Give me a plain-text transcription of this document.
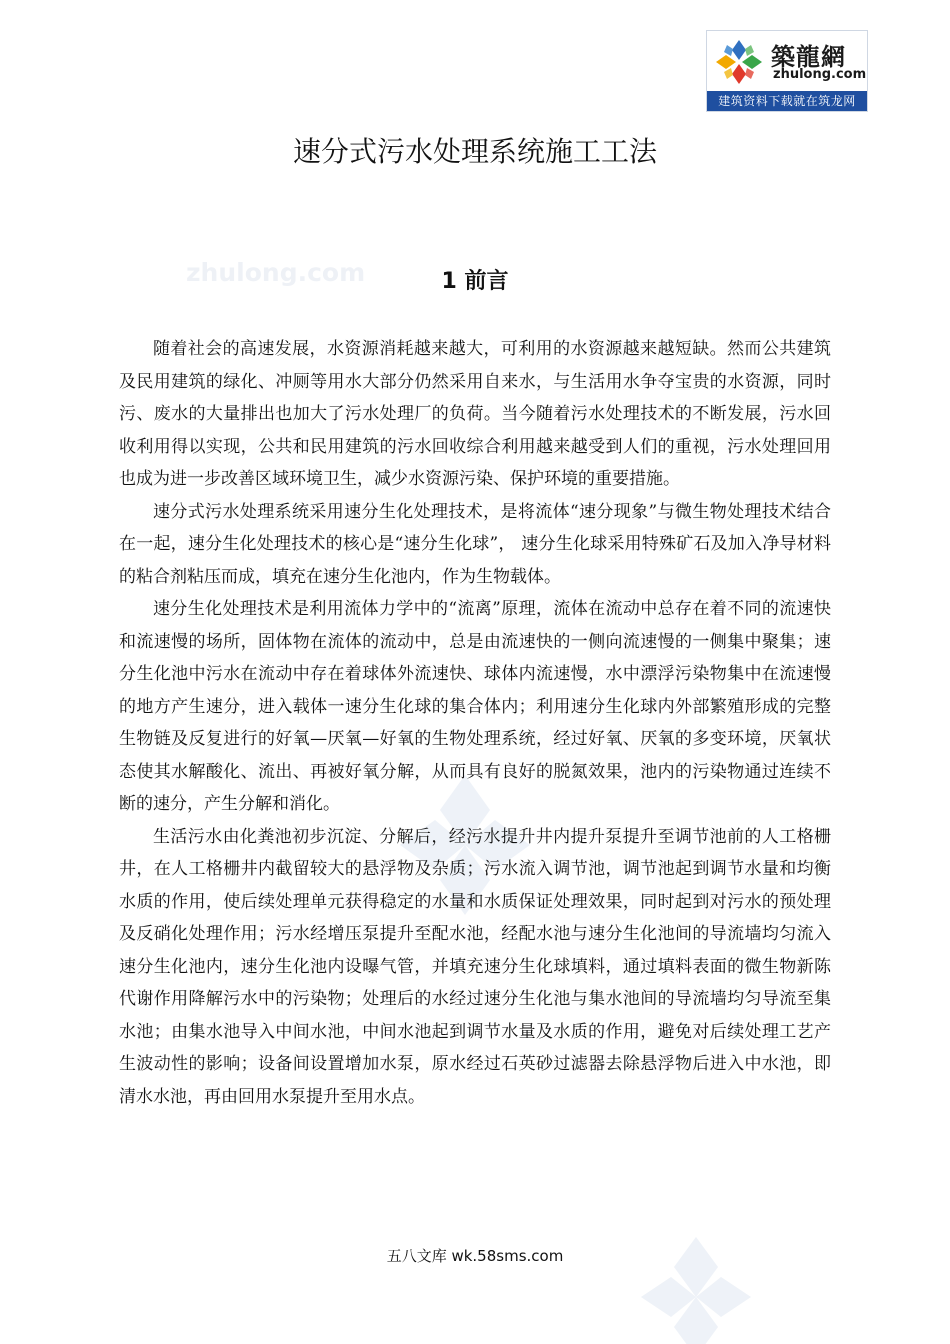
築龍網
zhulong.com
建筑资料下载就在筑龙网
速分式污水处理系统施工工法
zhulong.com	1 前言

随着社会的高速发展，水资源消耗越来越大，可利用的水资源越来越短缺。然而公共建筑及民用建筑的绿化、冲厕等用水大部分仍然采用自来水，与生活用水争夺宝贵的水资源，同时污、废水的大量排出也加大了污水处理厂的负荷。当今随着污水处理技术的不断发展，污水回收利用得以实现，公共和民用建筑的污水回收综合利用越来越受到人们的重视，污水处理回用也成为进一步改善区域环境卫生，减少水资源污染、保护环境的重要措施。

速分式污水处理系统采用速分生化处理技术，是将流体“速分现象”与微生物处理技术结合在一起，速分生化处理技术的核心是“速分生化球”， 速分生化球采用特殊矿石及加入净导材料的粘合剂粘压而成，填充在速分生化池内，作为生物载体。

速分生化处理技术是利用流体力学中的“流离”原理，流体在流动中总存在着不同的流速快和流速慢的场所，固体物在流体的流动中，总是由流速快的一侧向流速慢的一侧集中聚集；速分生化池中污水在流动中存在着球体外流速快、球体内流速慢，水中漂浮污染物集中在流速慢的地方产生速分，进入载体一速分生化球的集合体内；利用速分生化球内外部繁殖形成的完整生物链及反复进行的好氧—厌氧—好氧的生物处理系统，经过好氧、厌氧的多变环境，厌氧状态使其水解酸化、流出、再被好氧分解，从而具有良好的脱氮效果，池内的污染物通过连续不断的速分，产生分解和消化。

生活污水由化粪池初步沉淀、分解后，经污水提升井内提升泵提升至调节池前的人工格栅井，在人工格栅井内截留较大的悬浮物及杂质；污水流入调节池，调节池起到调节水量和均衡水质的作用，使后续处理单元获得稳定的水量和水质保证处理效果，同时起到对污水的预处理及反硝化处理作用；污水经增压泵提升至配水池，经配水池与速分生化池间的导流墙均匀流入速分生化池内，速分生化池内设曝气管，并填充速分生化球填料，通过填料表面的微生物新陈代谢作用降解污水中的污染物；处理后的水经过速分生化池与集水池间的导流墙均匀导流至集水池；由集水池导入中间水池，中间水池起到调节水量及水质的作用，避免对后续处理工艺产生波动性的影响；设备间设置增加水泵，原水经过石英砂过滤器去除悬浮物后进入中水池，即清水水池，再由回用水泵提升至用水点。

五八文库 wk.58sms.com
